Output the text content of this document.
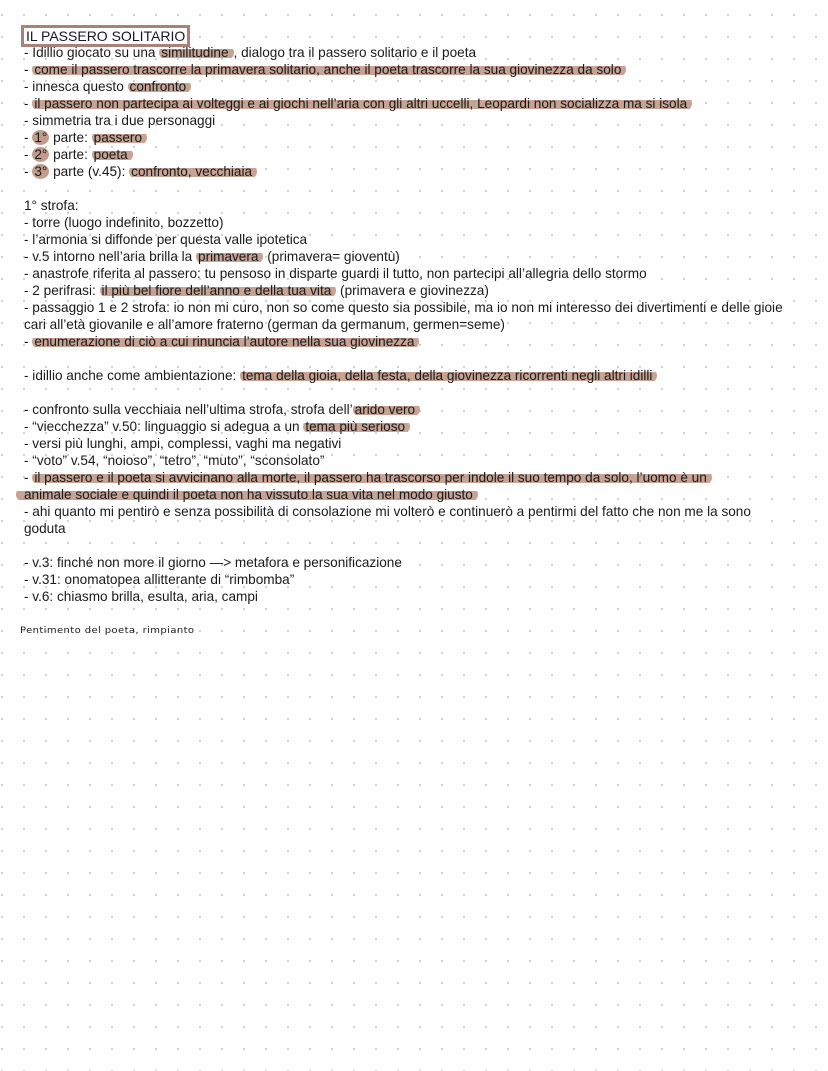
IL PASSERO SOLITARIO
- Idillio giocato su una similitudine , dialogo tra il passero solitario e il poeta
- come il passero trascorre la primavera solitario, anche il poeta trascorre la sua giovinezza da solo
- innesca questo confronto
- il passero non partecipa ai volteggi e ai giochi nell’aria con gli altri uccelli, Leopardi non socializza ma si isola
- simmetria tra i due personaggi
- 1° parte: passero
- 2° parte: poeta
- 3° parte (v.45): confronto, vecchiaia
1° strofa:
- torre (luogo indefinito, bozzetto)
- l’armonia si diffonde per questa valle ipotetica
- v.5 intorno nell’aria brilla la primavera (primavera= gioventù)
- anastrofe riferita al passero: tu pensoso in disparte guardi il tutto, non partecipi all’allegria dello stormo
- 2 perifrasi: il più bel fiore dell’anno e della tua vita (primavera e giovinezza)
- passaggio 1 e 2 strofa: io non mi curo, non so come questo sia possibile, ma io non mi interesso dei divertimenti e delle gioie cari all’età giovanile e all’amore fraterno (german da germanum, germen=seme)
- enumerazione di ciò a cui rinuncia l’autore nella sua giovinezza
- idillio anche come ambientazione: tema della gioia, della festa, della giovinezza ricorrenti negli altri idilli
- confronto sulla vecchiaia nell’ultima strofa, strofa dell’ arido vero
- “viecchezza” v.50: linguaggio si adegua a un tema più serioso
- versi più lunghi, ampi, complessi, vaghi ma negativi
- “voto” v.54, “noioso”, “tetro”, “muto”, “sconsolato”
- il passero e il poeta si avvicinano alla morte, il passero ha trascorso per indole il suo tempo da solo, l’uomo è un
animale sociale e quindi il poeta non ha vissuto la sua vita nel modo giusto
- ahi quanto mi pentirò e senza possibilità di consolazione mi volterò e continuerò a pentirmi del fatto che non me la sono goduta
- v.3: finché non more il giorno —> metafora e personificazione
- v.31: onomatopea allitterante di “rimbomba”
- v.6: chiasmo brilla, esulta, aria, campi
Pentimento del poeta, rimpianto
